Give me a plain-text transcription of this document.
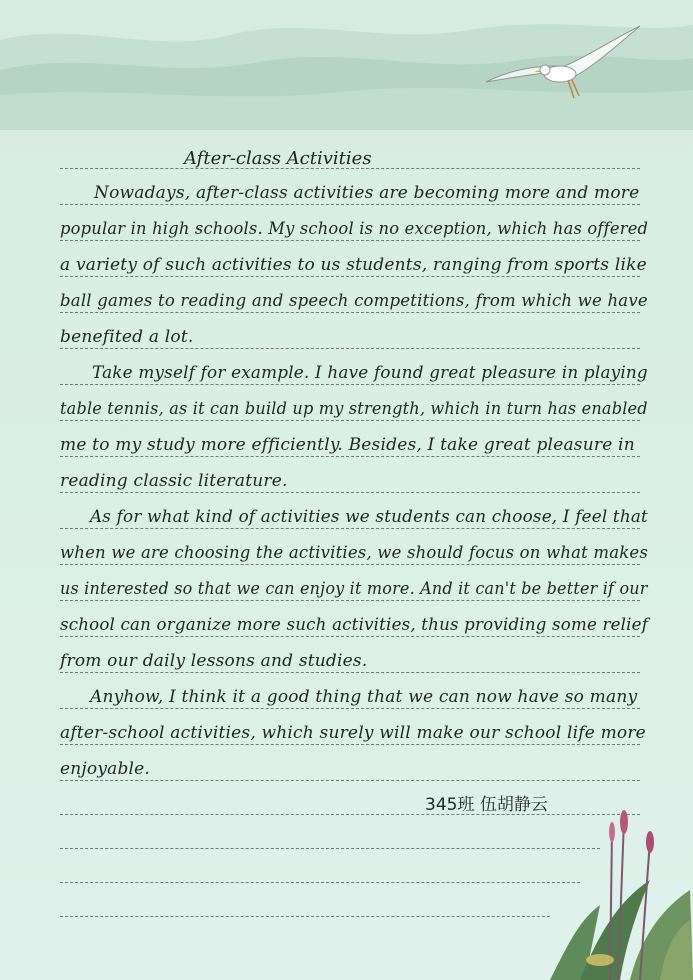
After-class Activities
Nowadays, after-class activities are becoming more and more
popular in high schools. My school is no exception, which has offered
a variety of such activities to us students, ranging from sports like
ball games to reading and speech competitions, from which we have
benefited a lot.
Take myself for example. I have found great pleasure in playing
table tennis, as it can build up my strength, which in turn has enabled
me to my study more efficiently. Besides, I take great pleasure in
reading classic literature.
As for what kind of activities we students can choose, I feel that
when we are choosing the activities, we should focus on what makes
us interested so that we can enjoy it more. And it can't be better if our
school can organize more such activities, thus providing some relief
from our daily lessons and studies.
Anyhow, I think it a good thing that we can now have so many
after-school activities, which surely will make our school life more
enjoyable.
345班 伍胡静云
